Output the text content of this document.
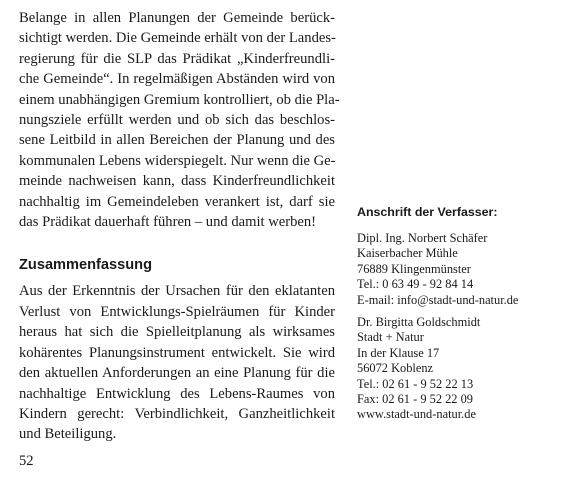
Belange in allen Planungen der Gemeinde berück-
sichtigt werden. Die Gemeinde erhält von der Landes-
regierung für die SLP das Prädikat „Kinderfreundli-
che Gemeinde“. In regelmäßigen Abständen wird von
einem unabhängigen Gremium kontrolliert, ob die Pla-
nungsziele erfüllt werden und ob sich das beschlos-
sene Leitbild in allen Bereichen der Planung und des
kommunalen Lebens widerspiegelt. Nur wenn die Ge-
meinde nachweisen kann, dass Kinderfreundlichkeit
nachhaltig im Gemeindeleben verankert ist, darf sie
das Prädikat dauerhaft führen – und damit werben!

Zusammenfassung

Aus der Erkenntnis der Ursachen für den eklatanten
Verlust von Entwicklungs-Spielräumen für Kinder
heraus hat sich die Spielleitplanung als wirksames
kohärentes Planungsinstrument entwickelt. Sie wird
den aktuellen Anforderungen an eine Planung für die
nachhaltige Entwicklung des Lebens-Raumes von
Kindern gerecht: Verbindlichkeit, Ganzheitlichkeit
und Beteiligung.

Anschrift der Verfasser:
Dipl. Ing. Norbert Schäfer
Kaiserbacher Mühle
76889 Klingenmünster
Tel.: 0 63 49 - 92 84 14
E-mail: info@stadt-und-natur.de
Dr. Birgitta Goldschmidt
Stadt + Natur
In der Klause 17
56072 Koblenz
Tel.: 02 61 - 9 52 22 13
Fax: 02 61 - 9 52 22 09
www.stadt-und-natur.de
52
